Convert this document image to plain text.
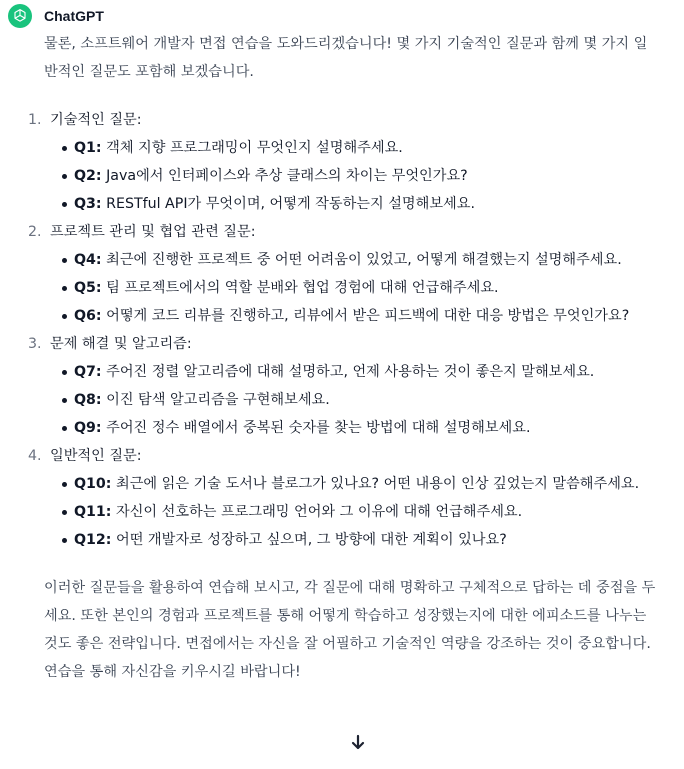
ChatGPT

물론, 소프트웨어 개발자 면접 연습을 도와드리겠습니다! 몇 가지 기술적인 질문과 함께 몇 가지 일반적인 질문도 포함해 보겠습니다.

1. 기술적인 질문:
Q1: 객체 지향 프로그래밍이 무엇인지 설명해주세요.
Q2: Java에서 인터페이스와 추상 클래스의 차이는 무엇인가요?
Q3: RESTful API가 무엇이며, 어떻게 작동하는지 설명해보세요.
2. 프로젝트 관리 및 협업 관련 질문:
Q4: 최근에 진행한 프로젝트 중 어떤 어려움이 있었고, 어떻게 해결했는지 설명해주세요.
Q5: 팀 프로젝트에서의 역할 분배와 협업 경험에 대해 언급해주세요.
Q6: 어떻게 코드 리뷰를 진행하고, 리뷰에서 받은 피드백에 대한 대응 방법은 무엇인가요?
3. 문제 해결 및 알고리즘:
Q7: 주어진 정렬 알고리즘에 대해 설명하고, 언제 사용하는 것이 좋은지 말해보세요.
Q8: 이진 탐색 알고리즘을 구현해보세요.
Q9: 주어진 정수 배열에서 중복된 숫자를 찾는 방법에 대해 설명해보세요.
4. 일반적인 질문:
Q10: 최근에 읽은 기술 도서나 블로그가 있나요? 어떤 내용이 인상 깊었는지 말씀해주세요.
Q11: 자신이 선호하는 프로그래밍 언어와 그 이유에 대해 언급해주세요.
Q12: 어떤 개발자로 성장하고 싶으며, 그 방향에 대한 계획이 있나요?

이러한 질문들을 활용하여 연습해 보시고, 각 질문에 대해 명확하고 구체적으로 답하는 데 중점을 두세요. 또한 본인의 경험과 프로젝트를 통해 어떻게 학습하고 성장했는지에 대한 에피소드를 나누는 것도 좋은 전략입니다. 면접에서는 자신을 잘 어필하고 기술적인 역량을 강조하는 것이 중요합니다. 연습을 통해 자신감을 키우시길 바랍니다!
